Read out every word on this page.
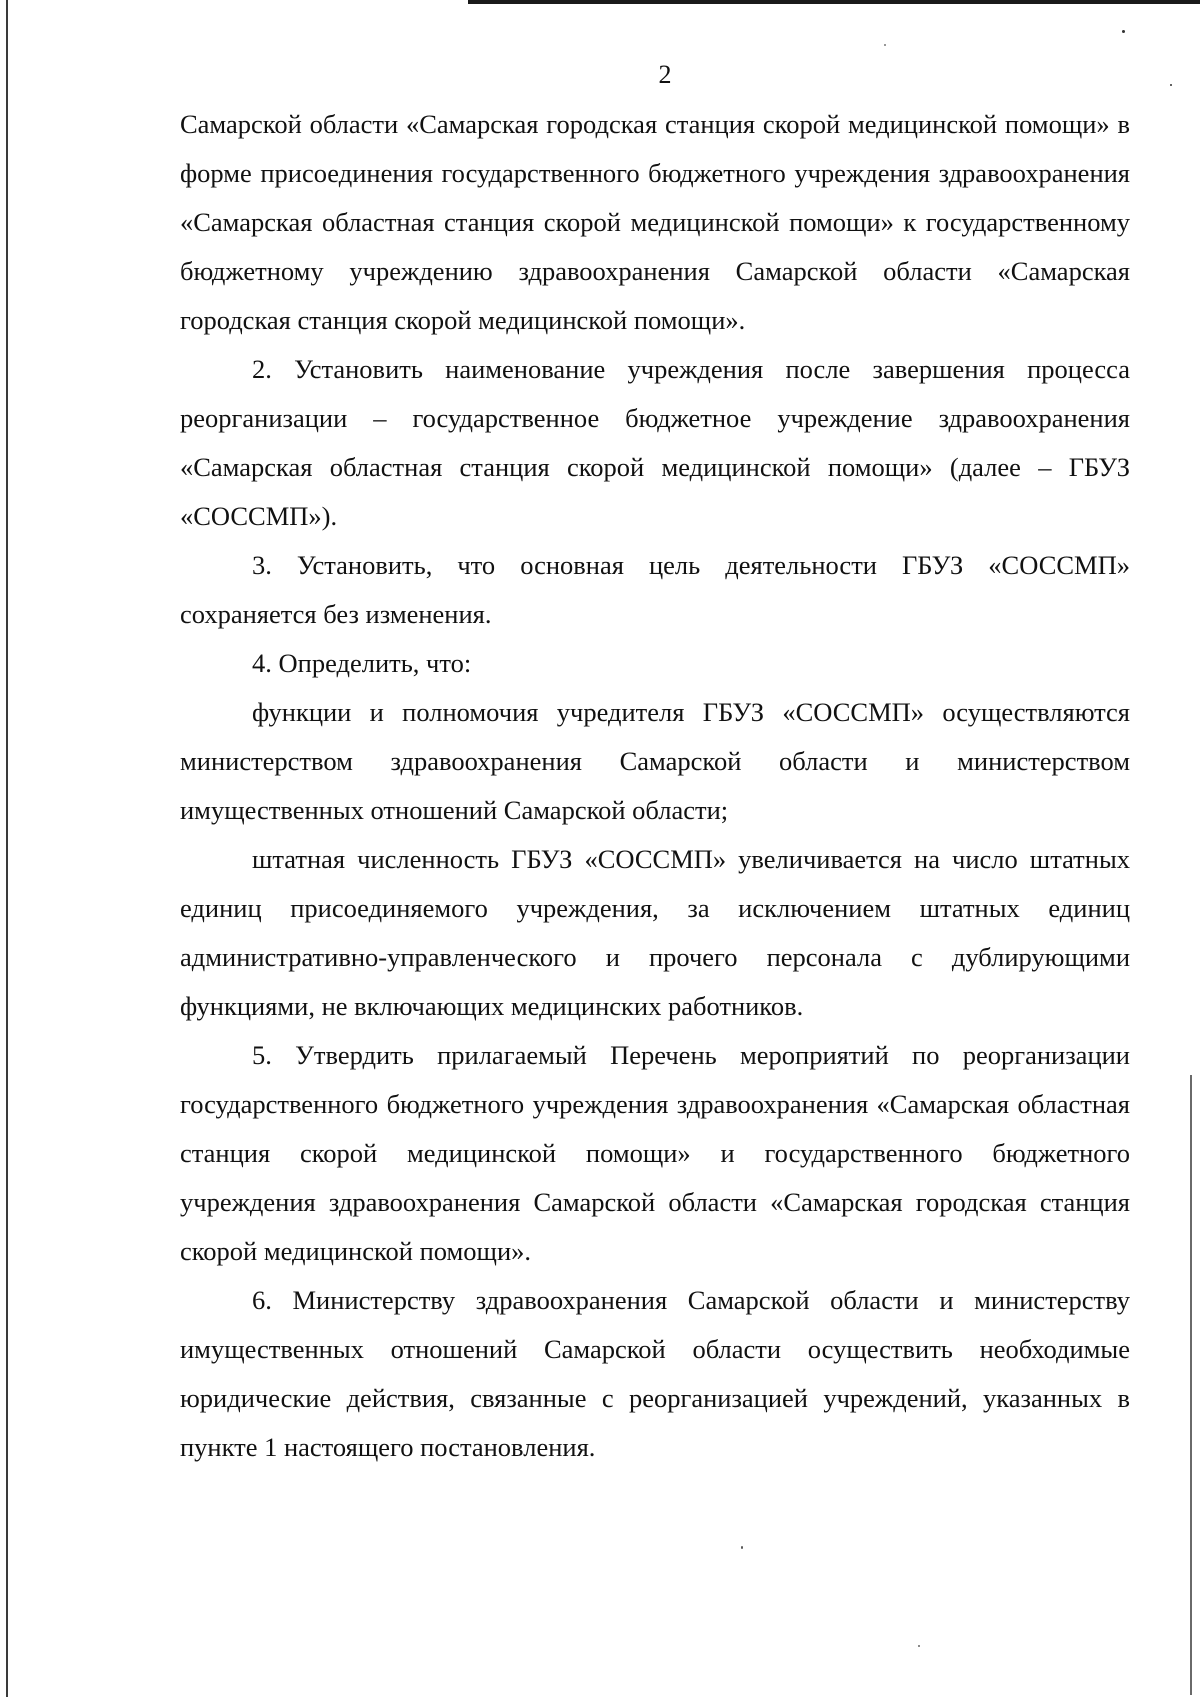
2

Самарской области «Самарская городская станция скорой медицинской помощи» в форме присоединения государственного бюджетного учреждения здравоохранения «Самарская областная станция скорой медицинской помощи» к государственному бюджетному учреждению здравоохранения Самарской области «Самарская городская станция скорой медицинской помощи».

2. Установить наименование учреждения после завершения процесса реорганизации – государственное бюджетное учреждение здравоохранения «Самарская областная станция скорой медицинской помощи» (далее – ГБУЗ «СОССМП»).

3. Установить, что основная цель деятельности ГБУЗ «СОССМП» сохраняется без изменения.

4. Определить, что:

функции и полномочия учредителя ГБУЗ «СОССМП» осуществляются министерством здравоохранения Самарской области и министерством имущественных отношений Самарской области;

штатная численность ГБУЗ «СОССМП» увеличивается на число штатных единиц присоединяемого учреждения, за исключением штатных единиц административно-управленческого и прочего персонала с дублирующими функциями, не включающих медицинских работников.

5. Утвердить прилагаемый Перечень мероприятий по реорганизации государственного бюджетного учреждения здравоохранения «Самарская областная станция скорой медицинской помощи» и государственного бюджетного учреждения здравоохранения Самарской области «Самарская городская станция скорой медицинской помощи».

6. Министерству здравоохранения Самарской области и министерству имущественных отношений Самарской области осуществить необходимые юридические действия, связанные с реорганизацией учреждений, указанных в пункте 1 настоящего постановления.
